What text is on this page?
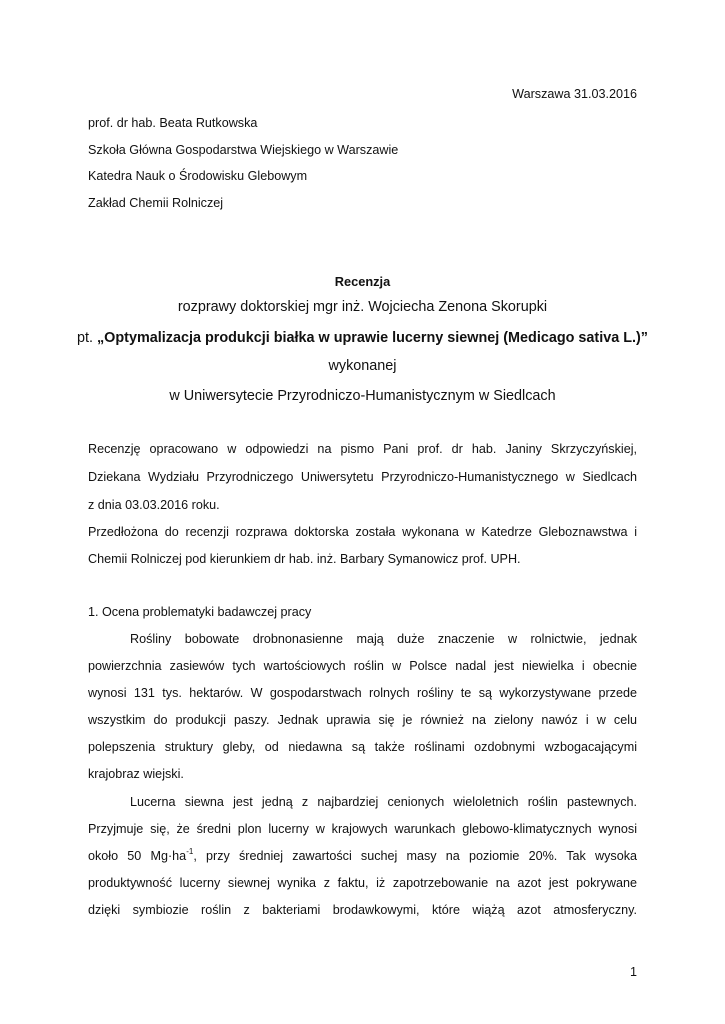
Warszawa 31.03.2016
prof. dr hab. Beata Rutkowska
Szkoła Główna Gospodarstwa Wiejskiego w Warszawie
Katedra Nauk o Środowisku Glebowym
Zakład Chemii Rolniczej
Recenzja
rozprawy doktorskiej mgr inż. Wojciecha Zenona Skorupki
pt. „Optymalizacja produkcji białka w uprawie lucerny siewnej (Medicago sativa L.)”
wykonanej
w Uniwersytecie Przyrodniczo-Humanistycznym w Siedlcach
Recenzję opracowano w odpowiedzi na pismo Pani prof. dr hab. Janiny Skrzyczyńskiej,
Dziekana Wydziału Przyrodniczego Uniwersytetu Przyrodniczo-Humanistycznego w Siedlcach
z dnia 03.03.2016 roku.
Przedłożona do recenzji rozprawa doktorska została wykonana w Katedrze Gleboznawstwa i
Chemii Rolniczej pod kierunkiem dr hab. inż. Barbary Symanowicz prof. UPH.
1. Ocena problematyki badawczej pracy
Rośliny bobowate drobnonasienne mają duże znaczenie w rolnictwie, jednak
powierzchnia zasiewów tych wartościowych roślin w Polsce nadal jest niewielka i obecnie
wynosi 131 tys. hektarów. W gospodarstwach rolnych rośliny te są wykorzystywane przede
wszystkim do produkcji paszy. Jednak uprawia się je również na zielony nawóz i w celu
polepszenia struktury gleby, od niedawna są także roślinami ozdobnymi wzbogacającymi
krajobraz wiejski.
Lucerna siewna jest jedną z najbardziej cenionych wieloletnich roślin pastewnych.
Przyjmuje się, że średni plon lucerny w krajowych warunkach glebowo-klimatycznych wynosi
około 50 $Mg\cdot ha^{-1}$, przy średniej zawartości suchej masy na poziomie 20%. Tak wysoka
produktywność lucerny siewnej wynika z faktu, iż zapotrzebowanie na azot jest pokrywane
dzięki symbiozie roślin z bakteriami brodawkowymi, które wiążą azot atmosferyczny.
1
